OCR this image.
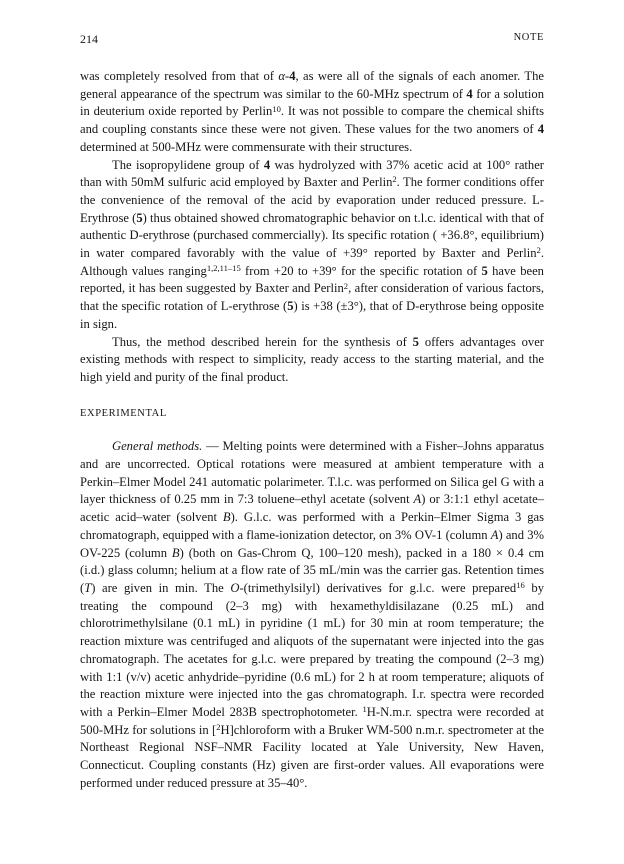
214	NOTE

was completely resolved from that of α-4, as were all of the signals of each anomer. The general appearance of the spectrum was similar to the 60-MHz spectrum of 4 for a solution in deuterium oxide reported by Perlin$^{10}$. It was not possible to compare the chemical shifts and coupling constants since these were not given. These values for the two anomers of 4 determined at 500-MHz were commensurate with their structures.

The isopropylidene group of 4 was hydrolyzed with 37% acetic acid at 100° rather than with 50mM sulfuric acid employed by Baxter and Perlin$^2$. The former conditions offer the convenience of the removal of the acid by evaporation under reduced pressure. L-Erythrose (5) thus obtained showed chromatographic behavior on t.l.c. identical with that of authentic D-erythrose (purchased commercially). Its specific rotation ( +36.8°, equilibrium) in water compared favorably with the value of +39° reported by Baxter and Perlin$^2$. Although values ranging$^{1,2,11-15}$ from +20 to +39° for the specific rotation of 5 have been reported, it has been suggested by Baxter and Perlin$^2$, after consideration of various factors, that the specific rotation of L-erythrose (5) is +38 (±3°), that of D-erythrose being opposite in sign.

Thus, the method described herein for the synthesis of 5 offers advantages over existing methods with respect to simplicity, ready access to the starting material, and the high yield and purity of the final product.

EXPERIMENTAL

General methods. — Melting points were determined with a Fisher–Johns apparatus and are uncorrected. Optical rotations were measured at ambient temperature with a Perkin–Elmer Model 241 automatic polarimeter. T.l.c. was performed on Silica gel G with a layer thickness of 0.25 mm in 7:3 toluene–ethyl acetate (solvent A) or 3:1:1 ethyl acetate–acetic acid–water (solvent B). G.l.c. was performed with a Perkin–Elmer Sigma 3 gas chromatograph, equipped with a flame-ionization detector, on 3% OV-1 (column A) and 3% OV-225 (column B) (both on Gas-Chrom Q, 100–120 mesh), packed in a 180 × 0.4 cm (i.d.) glass column; helium at a flow rate of 35 mL/min was the carrier gas. Retention times (T) are given in min. The O-(trimethylsilyl) derivatives for g.l.c. were prepared$^{16}$ by treating the compound (2–3 mg) with hexamethyldisilazane (0.25 mL) and chlorotrimethylsilane (0.1 mL) in pyridine (1 mL) for 30 min at room temperature; the reaction mixture was centrifuged and aliquots of the supernatant were injected into the gas chromatograph. The acetates for g.l.c. were prepared by treating the compound (2–3 mg) with 1:1 (v/v) acetic anhydride–pyridine (0.6 mL) for 2 h at room temperature; aliquots of the reaction mixture were injected into the gas chromatograph. I.r. spectra were recorded with a Perkin–Elmer Model 283B spectrophotometer. $^1$H-N.m.r. spectra were recorded at 500-MHz for solutions in [$^2$H]chloroform with a Bruker WM-500 n.m.r. spectrometer at the Northeast Regional NSF–NMR Facility located at Yale University, New Haven, Connecticut. Coupling constants (Hz) given are first-order values. All evaporations were performed under reduced pressure at 35–40°.
